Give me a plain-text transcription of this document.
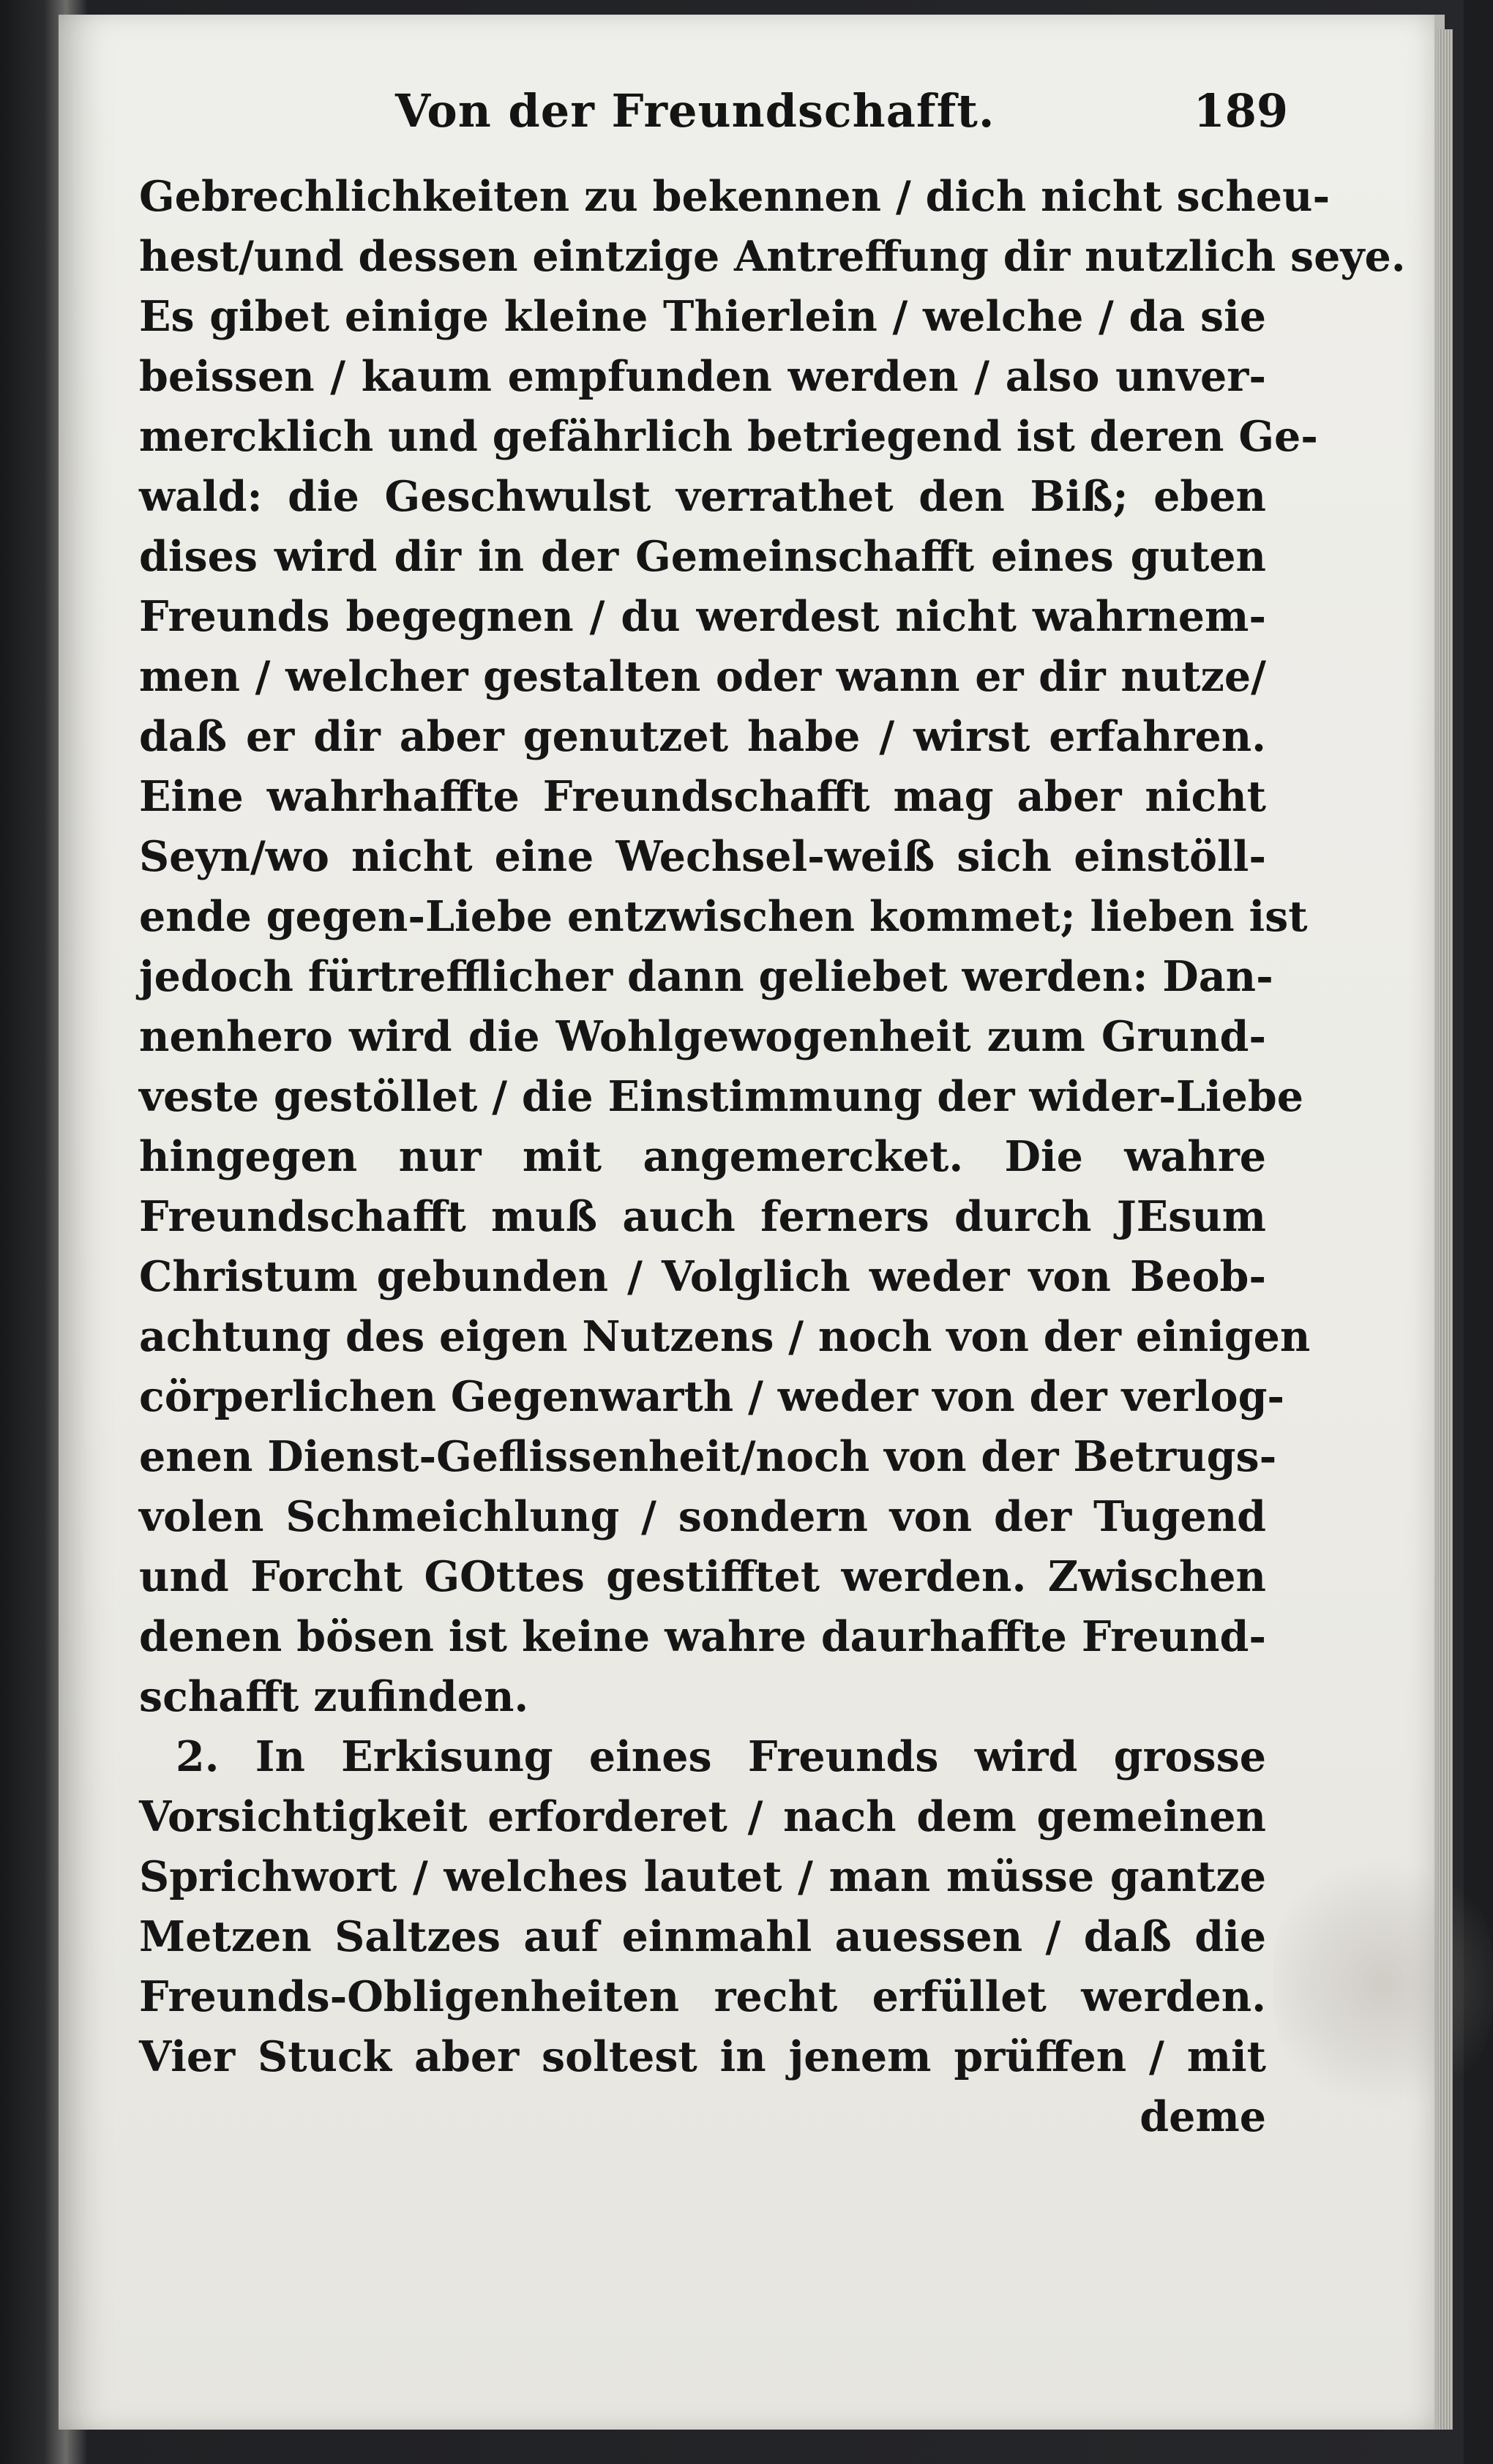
Von der Freundschafft.	189
Gebrechlichkeiten zu bekennen / dich nicht scheu-
hest/und dessen eintzige Antreffung dir nutzlich seye.
Es gibet einige kleine Thierlein / welche / da sie
beissen / kaum empfunden werden / also unver-
mercklich und gefährlich betriegend ist deren Ge-
wald: die Geschwulst verrathet den Biß; eben
dises wird dir in der Gemeinschafft eines guten
Freunds begegnen / du werdest nicht wahrnem-
men / welcher gestalten oder wann er dir nutze/
daß er dir aber genutzet habe / wirst erfahren.
Eine wahrhaffte Freundschafft mag aber nicht
Seyn/wo nicht eine Wechsel-weiß sich einstöll-
ende gegen-Liebe entzwischen kommet; lieben ist
jedoch fürtrefflicher dann geliebet werden: Dan-
nenhero wird die Wohlgewogenheit zum Grund-
veste gestöllet / die Einstimmung der wider-Liebe
hingegen nur mit angemercket. Die wahre
Freundschafft muß auch ferners durch JEsum
Christum gebunden / Volglich weder von Beob-
achtung des eigen Nutzens / noch von der einigen
cörperlichen Gegenwarth / weder von der verlog-
enen Dienst-Geflissenheit/noch von der Betrugs-
volen Schmeichlung / sondern von der Tugend
und Forcht GOttes gestifftet werden. Zwischen
denen bösen ist keine wahre daurhaffte Freund-
schafft zufinden.
2. In Erkisung eines Freunds wird grosse
Vorsichtigkeit erforderet / nach dem gemeinen
Sprichwort / welches lautet / man müsse gantze
Metzen Saltzes auf einmahl auessen / daß die
Freunds-Obligenheiten recht erfüllet werden.
Vier Stuck aber soltest in jenem prüffen / mit
deme
